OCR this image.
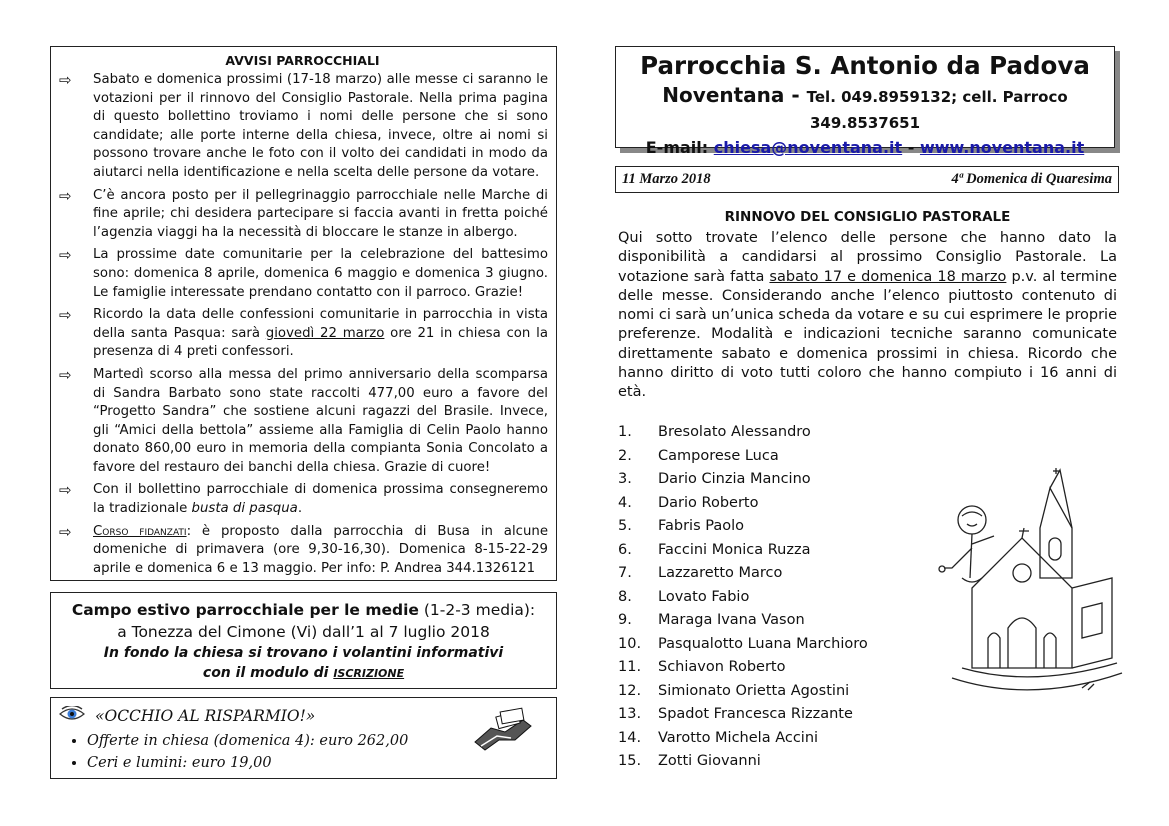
AVVISI PARROCCHIALI
⇨ Sabato e domenica prossimi (17-18 marzo) alle messe ci saranno le votazioni per il rinnovo del Consiglio Pastorale. Nella prima pagina di questo bollettino troviamo i nomi delle persone che si sono candidate; alle porte interne della chiesa, invece, oltre ai nomi si possono trovare anche le foto con il volto dei candidati in modo da aiutarci nella identificazione e nella scelta delle persone da votare.
⇨ C’è ancora posto per il pellegrinaggio parrocchiale nelle Marche di fine aprile; chi desidera partecipare si faccia avanti in fretta poiché l’agenzia viaggi ha la necessità di bloccare le stanze in albergo.
⇨ La prossime date comunitarie per la celebrazione del battesimo sono: domenica 8 aprile, domenica 6 maggio e domenica 3 giugno. Le famiglie interessate prendano contatto con il parroco. Grazie!
⇨ Ricordo la data delle confessioni comunitarie in parrocchia in vista della santa Pasqua: sarà giovedì 22 marzo ore 21 in chiesa con la presenza di 4 preti confessori.
⇨ Martedì scorso alla messa del primo anniversario della scomparsa di Sandra Barbato sono state raccolti 477,00 euro a favore del “Progetto Sandra” che sostiene alcuni ragazzi del Brasile. Invece, gli “Amici della bettola” assieme alla Famiglia di Celin Paolo hanno donato 860,00 euro in memoria della compianta Sonia Concolato a favore del restauro dei banchi della chiesa. Grazie di cuore!
⇨ Con il bollettino parrocchiale di domenica prossima consegneremo la tradizionale busta di pasqua.
⇨ Corso fidanzati: è proposto dalla parrocchia di Busa in alcune domeniche di primavera (ore 9,30-16,30). Domenica 8-15-22-29 aprile e domenica 6 e 13 maggio. Per info: P. Andrea 344.1326121
Campo estivo parrocchiale per le medie (1-2-3 media):
a Tonezza del Cimone (Vi) dall’1 al 7 luglio 2018
In fondo la chiesa si trovano i volantini informativi
con il modulo di ISCRIZIONE
«OCCHIO AL RISPARMIO!»
• Offerte in chiesa (domenica 4): euro 262,00
• Ceri e lumini: euro 19,00
Parrocchia S. Antonio da Padova
Noventana - Tel. 049.8959132; cell. Parroco 349.8537651
E-mail: chiesa@noventana.it - www.noventana.it
11 Marzo 2018	4ª Domenica di Quaresima
RINNOVO DEL CONSIGLIO PASTORALE
Qui sotto trovate l’elenco delle persone che hanno dato la disponibilità a candidarsi al prossimo Consiglio Pastorale. La votazione sarà fatta sabato 17 e domenica 18 marzo p.v. al termine delle messe. Considerando anche l’elenco piuttosto contenuto di nomi ci sarà un’unica scheda da votare e su cui esprimere le proprie preferenze. Modalità e indicazioni tecniche saranno comunicate direttamente sabato e domenica prossimi in chiesa. Ricordo che hanno diritto di voto tutti coloro che hanno compiuto i 16 anni di età.
1.	Bresolato Alessandro
2.	Camporese Luca
3.	Dario Cinzia Mancino
4.	Dario Roberto
5.	Fabris Paolo
6.	Faccini Monica Ruzza
7.	Lazzaretto Marco
8.	Lovato Fabio
9.	Maraga Ivana Vason
10.	Pasqualotto Luana Marchioro
11.	Schiavon Roberto
12.	Simionato Orietta Agostini
13.	Spadot Francesca Rizzante
14.	Varotto Michela Accini
15.	Zotti Giovanni
